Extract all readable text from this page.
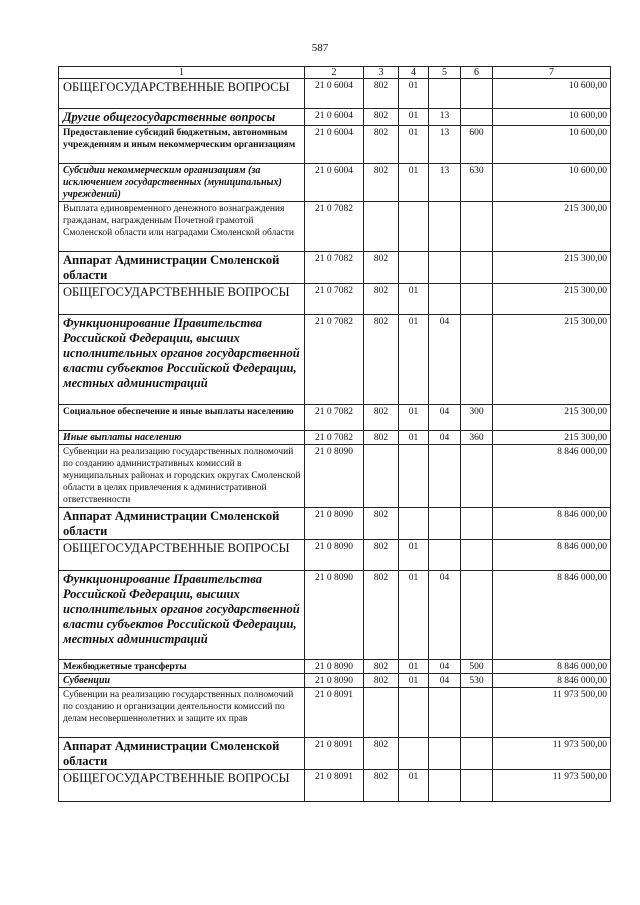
587
1	2	3	4	5	6	7
ОБЩЕГОСУДАРСТВЕННЫЕ ВОПРОСЫ	21 0 6004	802	01			10 600,00
Другие общегосударственные вопросы	21 0 6004	802	01	13		10 600,00
Предоставление субсидий бюджетным, автономным учреждениям и иным некоммерческим организациям	21 0 6004	802	01	13	600	10 600,00
Субсидии некоммерческим организациям (за исключением государственных (муниципальных) учреждений)	21 0 6004	802	01	13	630	10 600,00
Выплата единовременного денежного вознаграждения гражданам, награжденным Почетной грамотой Смоленской области или наградами Смоленской области	21 0 7082					215 300,00
Аппарат Администрации Смоленской области	21 0 7082	802				215 300,00
ОБЩЕГОСУДАРСТВЕННЫЕ ВОПРОСЫ	21 0 7082	802	01			215 300,00
Функционирование Правительства Российской Федерации, высших исполнительных органов государственной власти субъектов Российской Федерации, местных администраций	21 0 7082	802	01	04		215 300,00
Социальное обеспечение и иные выплаты населению	21 0 7082	802	01	04	300	215 300,00
Иные выплаты населению	21 0 7082	802	01	04	360	215 300,00
Субвенции на реализацию государственных полномочий по созданию административных комиссий в муниципальных районах и городских округах Смоленской области в целях привлечения к административной ответственности	21 0 8090					8 846 000,00
Аппарат Администрации Смоленской области	21 0 8090	802				8 846 000,00
ОБЩЕГОСУДАРСТВЕННЫЕ ВОПРОСЫ	21 0 8090	802	01			8 846 000,00
Функционирование Правительства Российской Федерации, высших исполнительных органов государственной власти субъектов Российской Федерации, местных администраций	21 0 8090	802	01	04		8 846 000,00
Межбюджетные трансферты	21 0 8090	802	01	04	500	8 846 000,00
Субвенции	21 0 8090	802	01	04	530	8 846 000,00
Субвенции на реализацию государственных полномочий по созданию и организации деятельности комиссий по делам несовершеннолетних и защите их прав	21 0 8091					11 973 500,00
Аппарат Администрации Смоленской области	21 0 8091	802				11 973 500,00
ОБЩЕГОСУДАРСТВЕННЫЕ ВОПРОСЫ	21 0 8091	802	01			11 973 500,00
